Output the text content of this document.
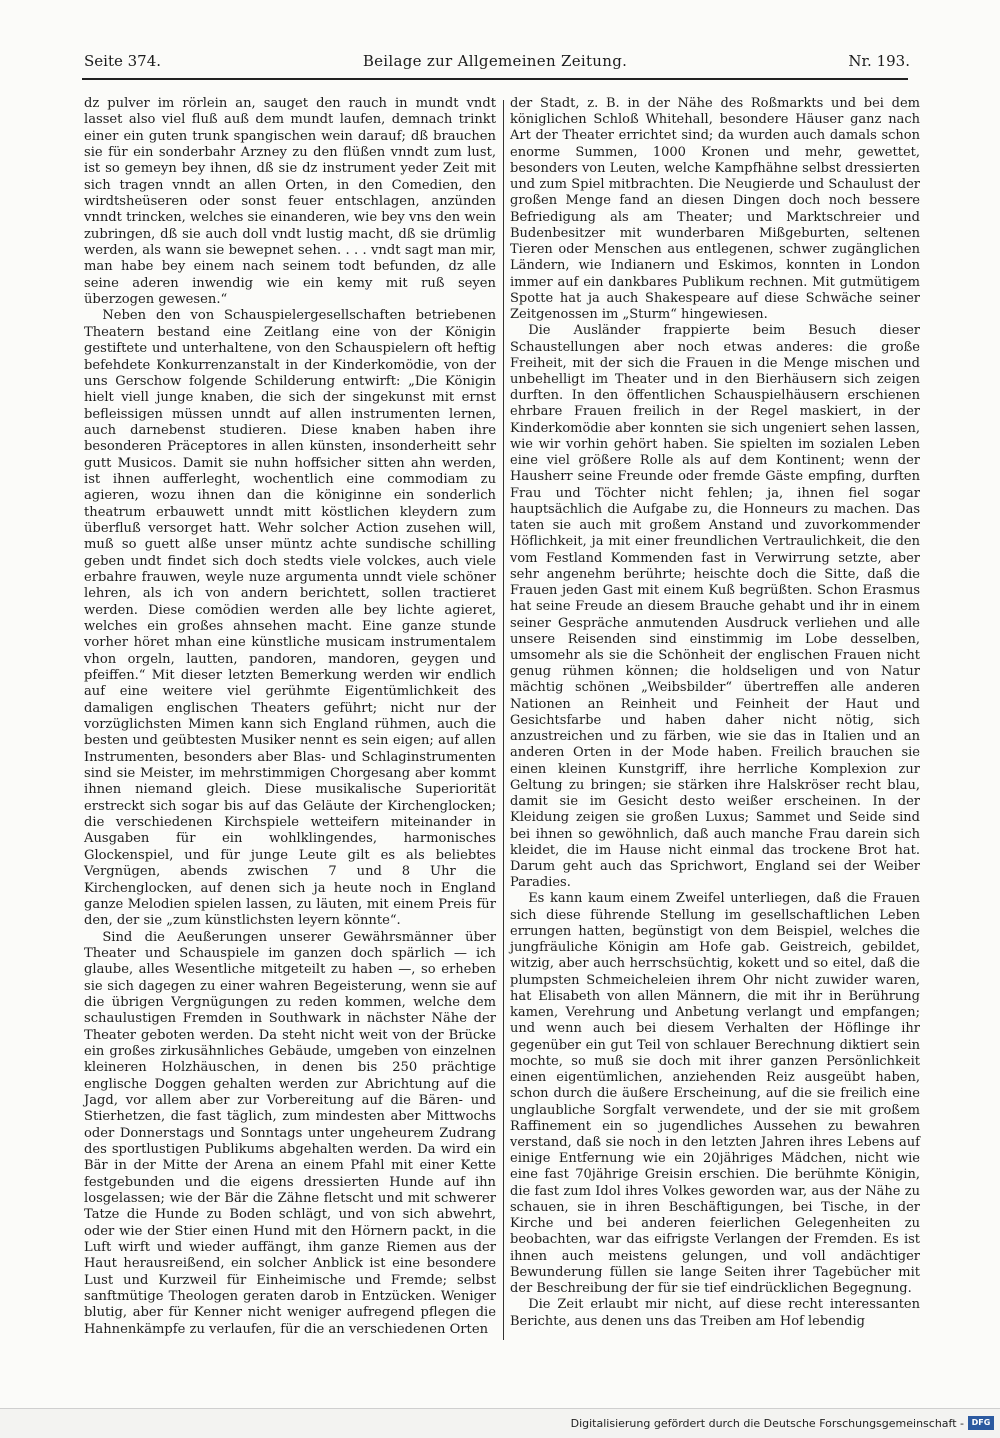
Seite 374.	Beilage zur Allgemeinen Zeitung.	Nr. 193.

dz pulver im rörlein an, sauget den rauch in mundt vndt lasset also viel fluß auß dem mundt laufen, demnach trinkt einer ein guten trunk spangischen wein darauf; dß brauchen sie für ein sonderbahr Arzney zu den flüßen vnndt zum lust, ist so gemeyn bey ihnen, dß sie dz instrument yeder Zeit mit sich tragen vnndt an allen Orten, in den Comedien, den wirdtsheüseren oder sonst feuer entschlagen, anzünden vnndt trincken, welches sie einanderen, wie bey vns den wein zubringen, dß sie auch doll vndt lustig macht, dß sie drümlig werden, als wann sie bewepnet sehen. . . . vndt sagt man mir, man habe bey einem nach seinem todt befunden, dz alle seine aderen inwendig wie ein kemy mit ruß seyen überzogen gewesen.“

Neben den von Schauspielergesellschaften betriebenen Theatern bestand eine Zeitlang eine von der Königin gestiftete und unterhaltene, von den Schauspielern oft heftig befehdete Konkurrenzanstalt in der Kinderkomödie, von der uns Gerschow folgende Schilderung entwirft: „Die Königin hielt viell junge knaben, die sich der singekunst mit ernst befleissigen müssen unndt auf allen instrumenten lernen, auch darnebenst studieren. Diese knaben haben ihre besonderen Präceptores in allen künsten, insonderheitt sehr gutt Musicos. Damit sie nuhn hoffsicher sitten ahn werden, ist ihnen aufferleght, wochentlich eine commodiam zu agieren, wozu ihnen dan die königinne ein sonderlich theatrum erbauwett unndt mitt köstlichen kleydern zum überfluß versorget hatt. Wehr solcher Action zusehen will, muß so guett alße unser müntz achte sundische schilling geben undt findet sich doch stedts viele volckes, auch viele erbahre frauwen, weyle nuze argumenta unndt viele schöner lehren, als ich von andern berichtett, sollen tractieret werden. Diese comödien werden alle bey lichte agieret, welches ein großes ahnsehen macht. Eine ganze stunde vorher höret mhan eine künstliche musicam instrumentalem vhon orgeln, lautten, pandoren, mandoren, geygen und pfeiffen.“ Mit dieser letzten Bemerkung werden wir endlich auf eine weitere viel gerühmte Eigentümlichkeit des damaligen englischen Theaters geführt; nicht nur der vorzüglichsten Mimen kann sich England rühmen, auch die besten und geübtesten Musiker nennt es sein eigen; auf allen Instrumenten, besonders aber Blas- und Schlaginstrumenten sind sie Meister, im mehrstimmigen Chorgesang aber kommt ihnen niemand gleich. Diese musikalische Superiorität erstreckt sich sogar bis auf das Geläute der Kirchenglocken; die verschiedenen Kirchspiele wetteifern miteinander in Ausgaben für ein wohlklingendes, harmonisches Glockenspiel, und für junge Leute gilt es als beliebtes Vergnügen, abends zwischen 7 und 8 Uhr die Kirchenglocken, auf denen sich ja heute noch in England ganze Melodien spielen lassen, zu läuten, mit einem Preis für den, der sie „zum künstlichsten leyern könnte“.

Sind die Aeußerungen unserer Gewährsmänner über Theater und Schauspiele im ganzen doch spärlich — ich glaube, alles Wesentliche mitgeteilt zu haben —, so erheben sie sich dagegen zu einer wahren Begeisterung, wenn sie auf die übrigen Vergnügungen zu reden kommen, welche dem schaulustigen Fremden in Southwark in nächster Nähe der Theater geboten werden. Da steht nicht weit von der Brücke ein großes zirkusähnliches Gebäude, umgeben von einzelnen kleineren Holzhäuschen, in denen bis 250 prächtige englische Doggen gehalten werden zur Abrichtung auf die Jagd, vor allem aber zur Vorbereitung auf die Bären- und Stierhetzen, die fast täglich, zum mindesten aber Mittwochs oder Donnerstags und Sonntags unter ungeheurem Zudrang des sportlustigen Publikums abgehalten werden. Da wird ein Bär in der Mitte der Arena an einem Pfahl mit einer Kette festgebunden und die eigens dressierten Hunde auf ihn losgelassen; wie der Bär die Zähne fletscht und mit schwerer Tatze die Hunde zu Boden schlägt, und von sich abwehrt, oder wie der Stier einen Hund mit den Hörnern packt, in die Luft wirft und wieder auffängt, ihm ganze Riemen aus der Haut herausreißend, ein solcher Anblick ist eine besondere Lust und Kurzweil für Einheimische und Fremde; selbst sanftmütige Theologen geraten darob in Entzücken. Weniger blutig, aber für Kenner nicht weniger aufregend pflegen die Hahnenkämpfe zu verlaufen, für die an verschiedenen Orten

der Stadt, z. B. in der Nähe des Roßmarkts und bei dem königlichen Schloß Whitehall, besondere Häuser ganz nach Art der Theater errichtet sind; da wurden auch damals schon enorme Summen, 1000 Kronen und mehr, gewettet, besonders von Leuten, welche Kampfhähne selbst dressierten und zum Spiel mitbrachten. Die Neugierde und Schaulust der großen Menge fand an diesen Dingen doch noch bessere Befriedigung als am Theater; und Marktschreier und Budenbesitzer mit wunderbaren Mißgeburten, seltenen Tieren oder Menschen aus entlegenen, schwer zugänglichen Ländern, wie Indianern und Eskimos, konnten in London immer auf ein dankbares Publikum rechnen. Mit gutmütigem Spotte hat ja auch Shakespeare auf diese Schwäche seiner Zeitgenossen im „Sturm“ hingewiesen.

Die Ausländer frappierte beim Besuch dieser Schaustellungen aber noch etwas anderes: die große Freiheit, mit der sich die Frauen in die Menge mischen und unbehelligt im Theater und in den Bierhäusern sich zeigen durften. In den öffentlichen Schauspielhäusern erschienen ehrbare Frauen freilich in der Regel maskiert, in der Kinderkomödie aber konnten sie sich ungeniert sehen lassen, wie wir vorhin gehört haben. Sie spielten im sozialen Leben eine viel größere Rolle als auf dem Kontinent; wenn der Hausherr seine Freunde oder fremde Gäste empfing, durften Frau und Töchter nicht fehlen; ja, ihnen fiel sogar hauptsächlich die Aufgabe zu, die Honneurs zu machen. Das taten sie auch mit großem Anstand und zuvorkommender Höflichkeit, ja mit einer freundlichen Vertraulichkeit, die den vom Festland Kommenden fast in Verwirrung setzte, aber sehr angenehm berührte; heischte doch die Sitte, daß die Frauen jeden Gast mit einem Kuß begrüßten. Schon Erasmus hat seine Freude an diesem Brauche gehabt und ihr in einem seiner Gespräche anmutenden Ausdruck verliehen und alle unsere Reisenden sind einstimmig im Lobe desselben, umsomehr als sie die Schönheit der englischen Frauen nicht genug rühmen können; die holdseligen und von Natur mächtig schönen „Weibsbilder“ übertreffen alle anderen Nationen an Reinheit und Feinheit der Haut und Gesichtsfarbe und haben daher nicht nötig, sich anzustreichen und zu färben, wie sie das in Italien und an anderen Orten in der Mode haben. Freilich brauchen sie einen kleinen Kunstgriff, ihre herrliche Komplexion zur Geltung zu bringen; sie stärken ihre Halskröser recht blau, damit sie im Gesicht desto weißer erscheinen. In der Kleidung zeigen sie großen Luxus; Sammet und Seide sind bei ihnen so gewöhnlich, daß auch manche Frau darein sich kleidet, die im Hause nicht einmal das trockene Brot hat. Darum geht auch das Sprichwort, England sei der Weiber Paradies.

Es kann kaum einem Zweifel unterliegen, daß die Frauen sich diese führende Stellung im gesellschaftlichen Leben errungen hatten, begünstigt von dem Beispiel, welches die jungfräuliche Königin am Hofe gab. Geistreich, gebildet, witzig, aber auch herrschsüchtig, kokett und so eitel, daß die plumpsten Schmeicheleien ihrem Ohr nicht zuwider waren, hat Elisabeth von allen Männern, die mit ihr in Berührung kamen, Verehrung und Anbetung verlangt und empfangen; und wenn auch bei diesem Verhalten der Höflinge ihr gegenüber ein gut Teil von schlauer Berechnung diktiert sein mochte, so muß sie doch mit ihrer ganzen Persönlichkeit einen eigentümlichen, anziehenden Reiz ausgeübt haben, schon durch die äußere Erscheinung, auf die sie freilich eine unglaubliche Sorgfalt verwendete, und der sie mit großem Raffinement ein so jugendliches Aussehen zu bewahren verstand, daß sie noch in den letzten Jahren ihres Lebens auf einige Entfernung wie ein 20jähriges Mädchen, nicht wie eine fast 70jährige Greisin erschien. Die berühmte Königin, die fast zum Idol ihres Volkes geworden war, aus der Nähe zu schauen, sie in ihren Beschäftigungen, bei Tische, in der Kirche und bei anderen feierlichen Gelegenheiten zu beobachten, war das eifrigste Verlangen der Fremden. Es ist ihnen auch meistens gelungen, und voll andächtiger Bewunderung füllen sie lange Seiten ihrer Tagebücher mit der Beschreibung der für sie tief eindrücklichen Begegnung.

Die Zeit erlaubt mir nicht, auf diese recht interessanten Berichte, aus denen uns das Treiben am Hof lebendig

Digitalisierung gefördert durch die Deutsche Forschungsgemeinschaft - DFG
